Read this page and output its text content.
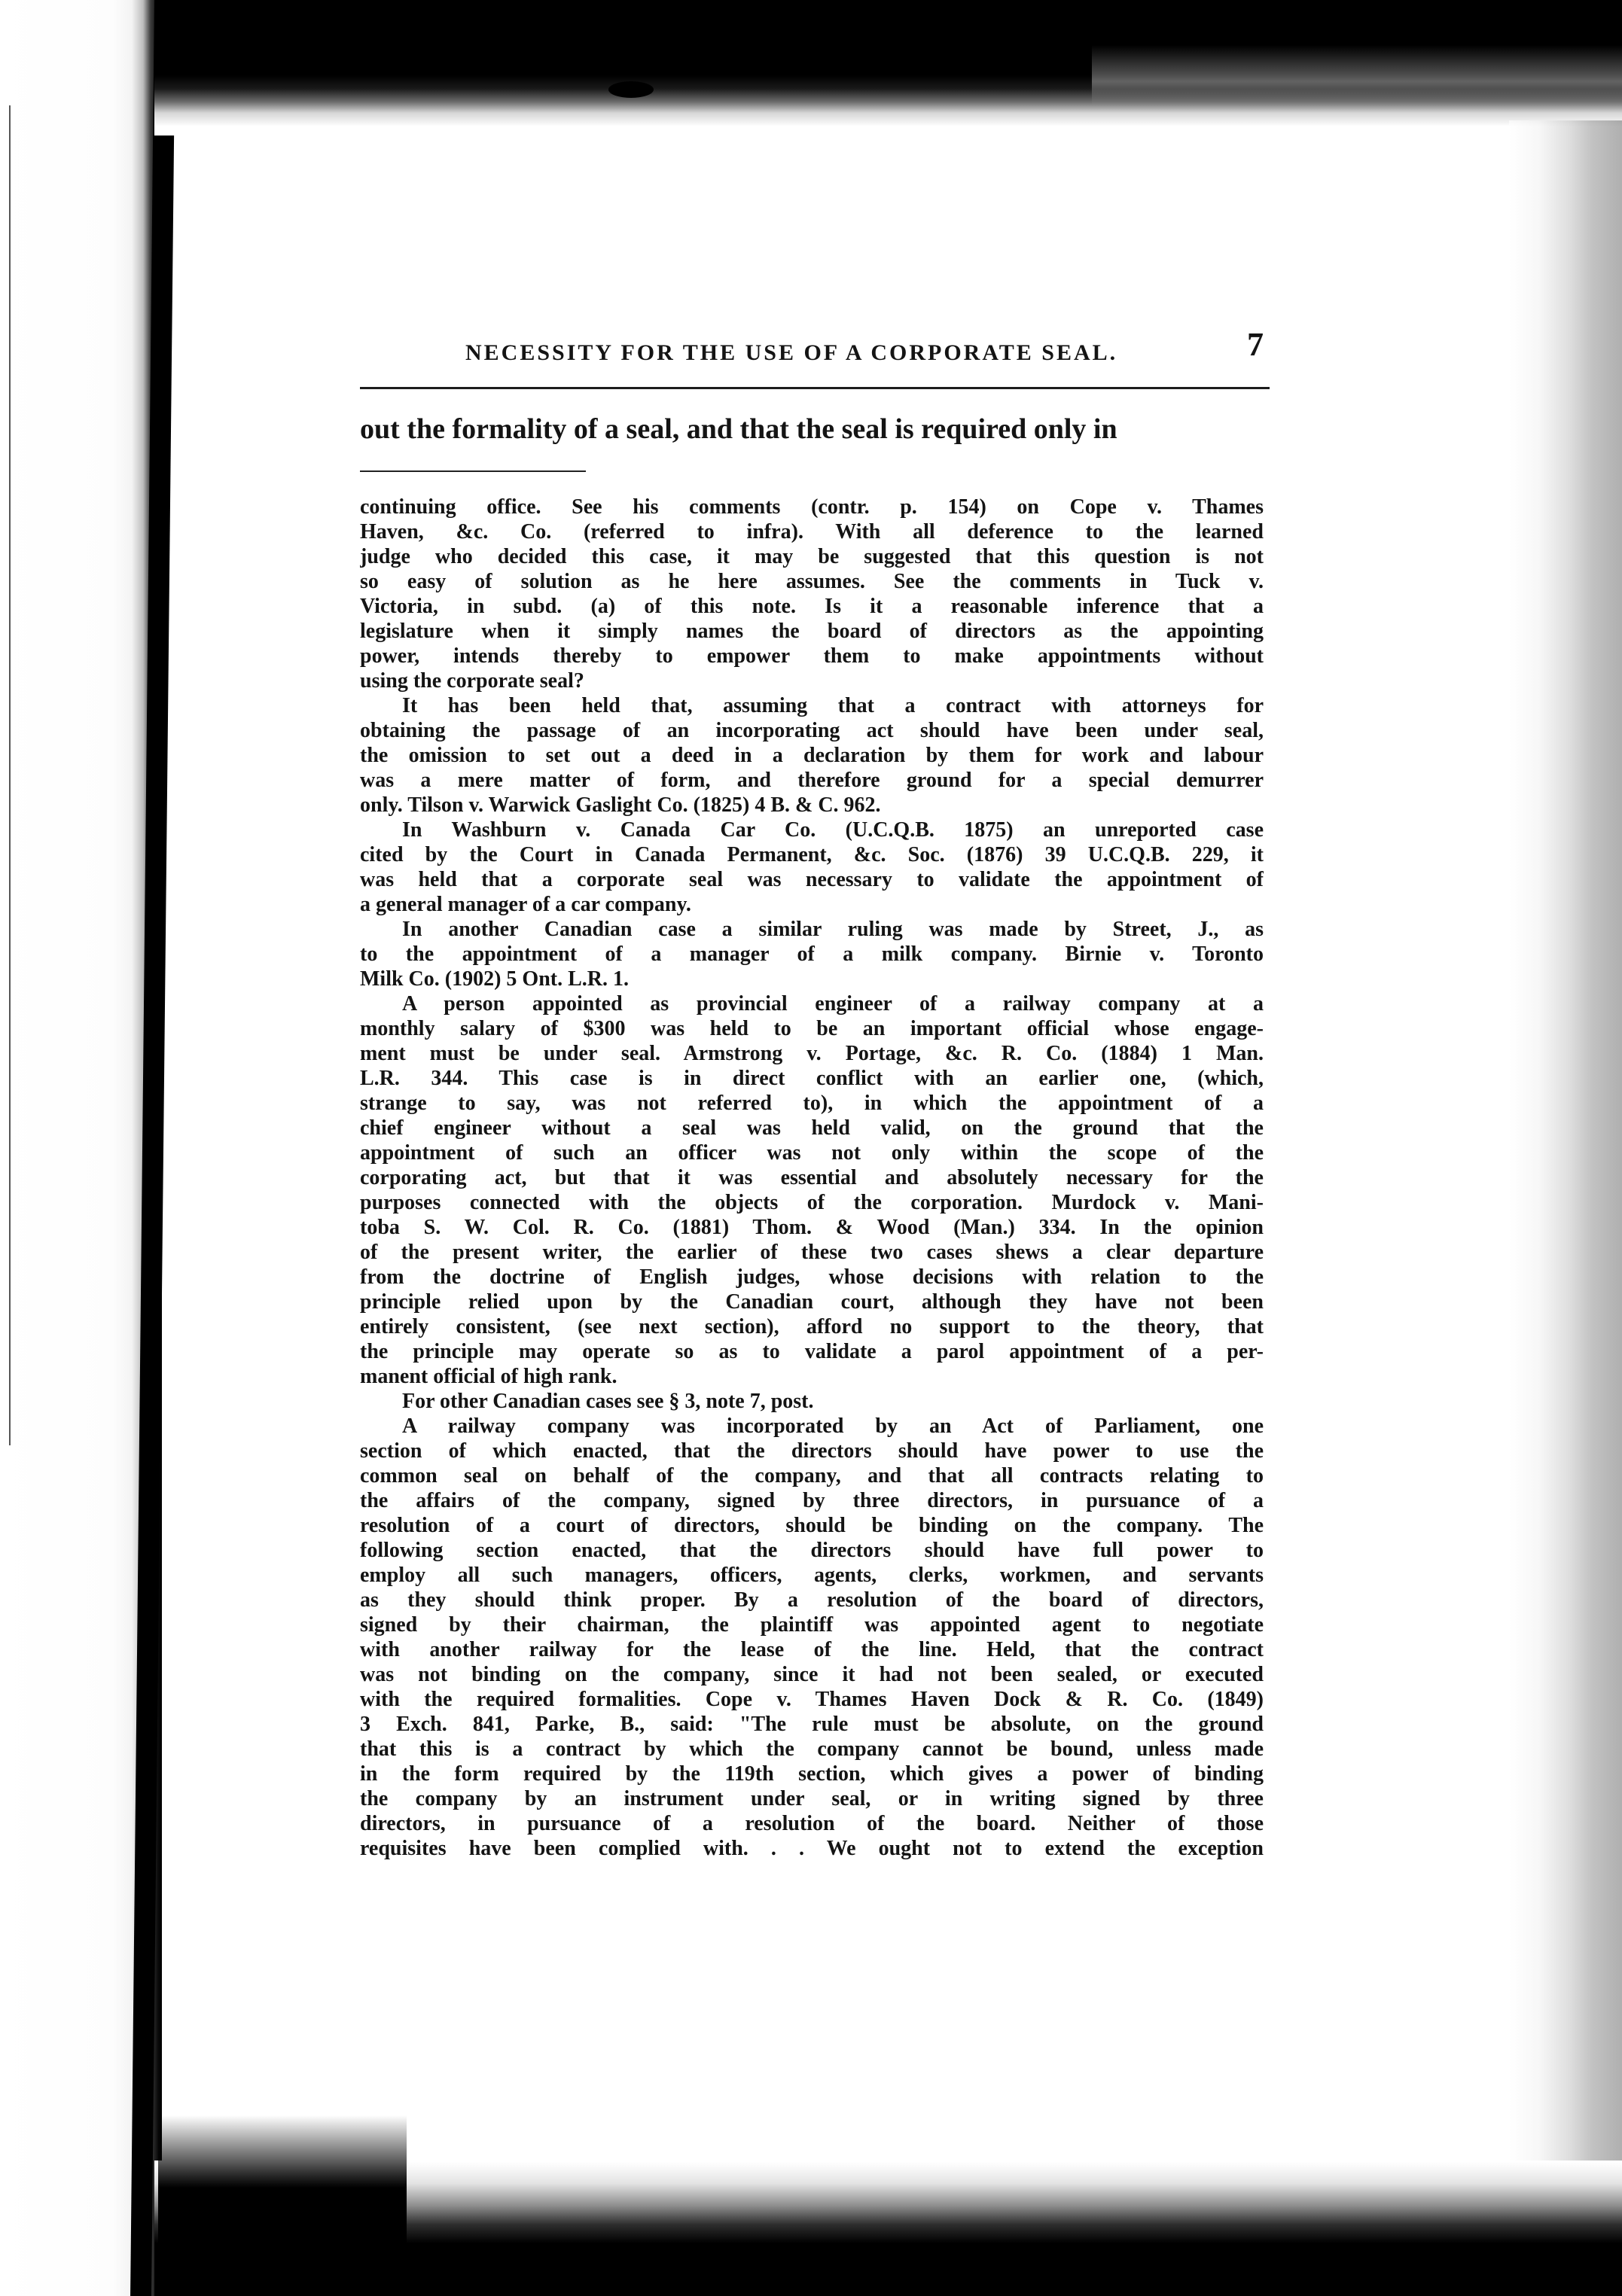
NECESSITY FOR THE USE OF A CORPORATE SEAL.	7
out the formality of a seal, and that the seal is required only in
continuing office. See his comments (contr. p. 154) on Cope v. Thames
Haven, &c. Co. (referred to infra). With all deference to the learned
judge who decided this case, it may be suggested that this question is not
so easy of solution as he here assumes. See the comments in Tuck v.
Victoria, in subd. (a) of this note. Is it a reasonable inference that a
legislature when it simply names the board of directors as the appointing
power, intends thereby to empower them to make appointments without
using the corporate seal?
It has been held that, assuming that a contract with attorneys for
obtaining the passage of an incorporating act should have been under seal,
the omission to set out a deed in a declaration by them for work and labour
was a mere matter of form, and therefore ground for a special demurrer
only. Tilson v. Warwick Gaslight Co. (1825) 4 B. & C. 962.
In Washburn v. Canada Car Co. (U.C.Q.B. 1875) an unreported case
cited by the Court in Canada Permanent, &c. Soc. (1876) 39 U.C.Q.B. 229, it
was held that a corporate seal was necessary to validate the appointment of
a general manager of a car company.
In another Canadian case a similar ruling was made by Street, J., as
to the appointment of a manager of a milk company. Birnie v. Toronto
Milk Co. (1902) 5 Ont. L.R. 1.
A person appointed as provincial engineer of a railway company at a
monthly salary of $300 was held to be an important official whose engage-
ment must be under seal. Armstrong v. Portage, &c. R. Co. (1884) 1 Man.
L.R. 344. This case is in direct conflict with an earlier one, (which,
strange to say, was not referred to), in which the appointment of a
chief engineer without a seal was held valid, on the ground that the
appointment of such an officer was not only within the scope of the
corporating act, but that it was essential and absolutely necessary for the
purposes connected with the objects of the corporation. Murdock v. Mani-
toba S. W. Col. R. Co. (1881) Thom. & Wood (Man.) 334. In the opinion
of the present writer, the earlier of these two cases shews a clear departure
from the doctrine of English judges, whose decisions with relation to the
principle relied upon by the Canadian court, although they have not been
entirely consistent, (see next section), afford no support to the theory, that
the principle may operate so as to validate a parol appointment of a per-
manent official of high rank.
For other Canadian cases see § 3, note 7, post.
A railway company was incorporated by an Act of Parliament, one
section of which enacted, that the directors should have power to use the
common seal on behalf of the company, and that all contracts relating to
the affairs of the company, signed by three directors, in pursuance of a
resolution of a court of directors, should be binding on the company. The
following section enacted, that the directors should have full power to
employ all such managers, officers, agents, clerks, workmen, and servants
as they should think proper. By a resolution of the board of directors,
signed by their chairman, the plaintiff was appointed agent to negotiate
with another railway for the lease of the line. Held, that the contract
was not binding on the company, since it had not been sealed, or executed
with the required formalities. Cope v. Thames Haven Dock & R. Co. (1849)
3 Exch. 841, Parke, B., said: "The rule must be absolute, on the ground
that this is a contract by which the company cannot be bound, unless made
in the form required by the 119th section, which gives a power of binding
the company by an instrument under seal, or in writing signed by three
directors, in pursuance of a resolution of the board. Neither of those
requisites have been complied with. . . We ought not to extend the exception
